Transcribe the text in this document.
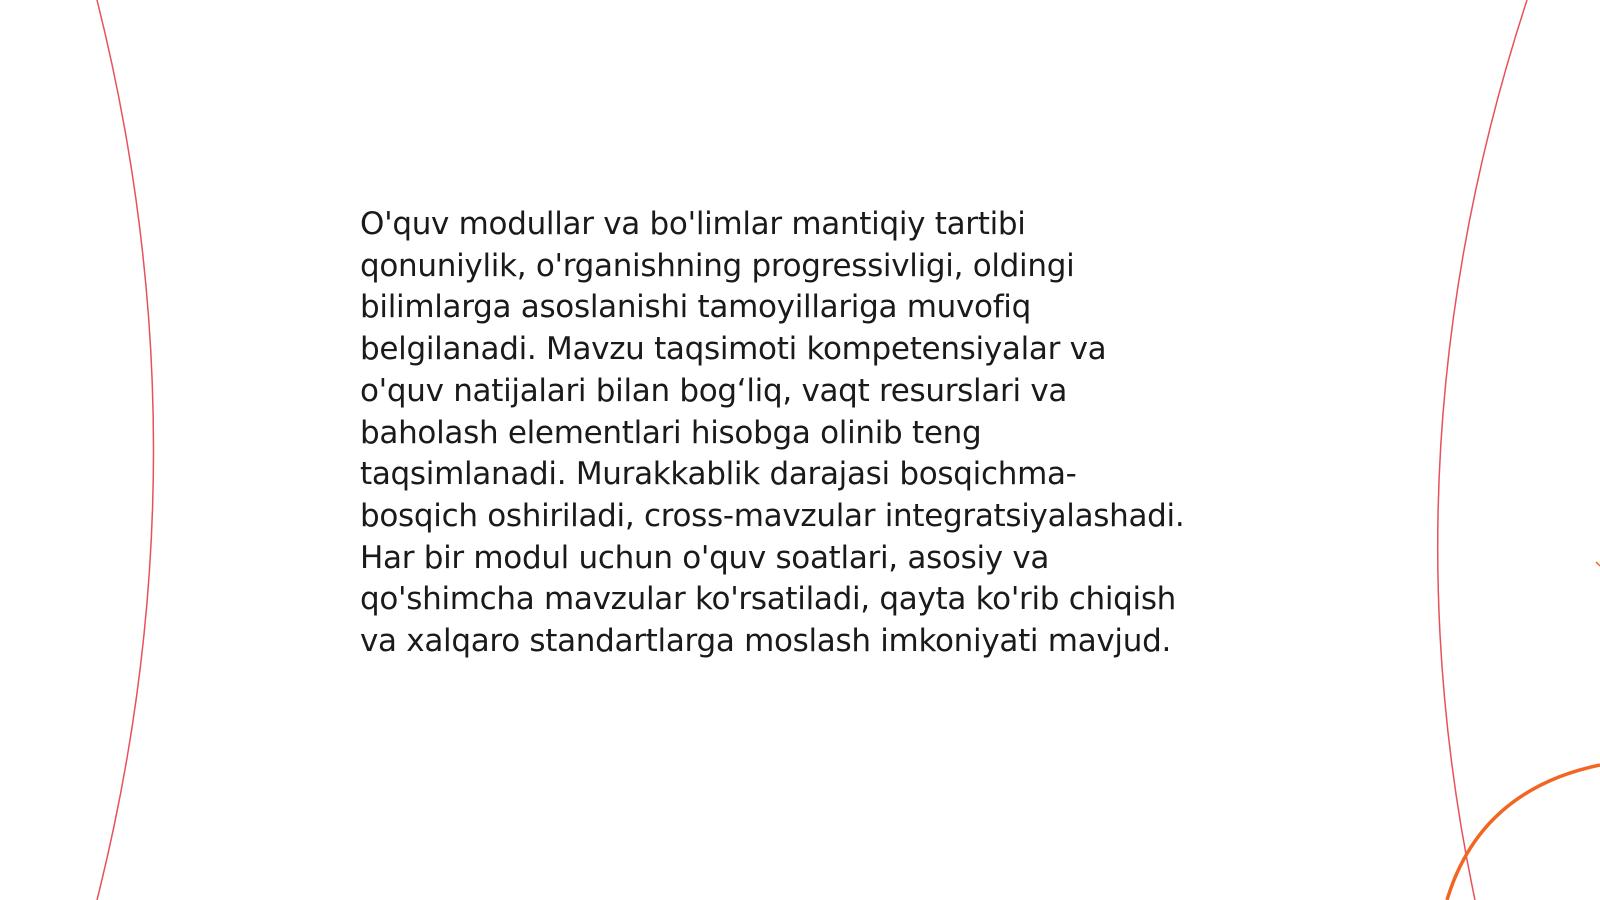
O'quv modullar va bo'limlar mantiqiy tartibi
qonuniylik, o'rganishning progressivligi, oldingi
bilimlarga asoslanishi tamoyillariga muvofiq
belgilanadi. Mavzu taqsimoti kompetensiyalar va
o'quv natijalari bilan bog‘liq, vaqt resurslari va
baholash elementlari hisobga olinib teng
taqsimlanadi. Murakkablik darajasi bosqichma-
bosqich oshiriladi, cross-mavzular integratsiyalashadi.
Har bir modul uchun o'quv soatlari, asosiy va
qo'shimcha mavzular ko'rsatiladi, qayta ko'rib chiqish
va xalqaro standartlarga moslash imkoniyati mavjud.
